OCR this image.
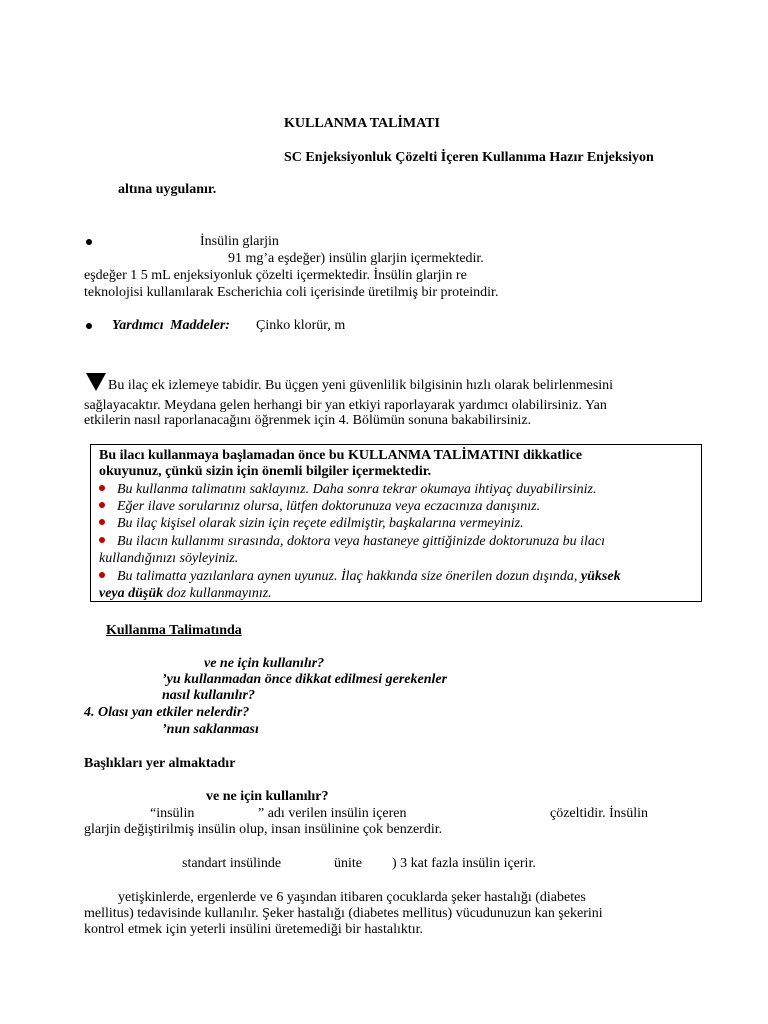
KULLANMA TALİMATI
SC Enjeksiyonluk Çözelti İçeren Kullanıma Hazır Enjeksiyon
altına uygulanır.
İnsülin glarjin
91 mg’a eşdeğer) insülin glarjin içermektedir.
eşdeğer 1 5 mL enjeksiyonluk çözelti içermektedir. İnsülin glarjin re
teknolojisi kullanılarak Escherichia coli içerisinde üretilmiş bir proteindir.
Yardımcı Maddeler: Çinko klorür, m
Bu ilaç ek izlemeye tabidir. Bu üçgen yeni güvenlilik bilgisinin hızlı olarak belirlenmesini
sağlayacaktır. Meydana gelen herhangi bir yan etkiyi raporlayarak yardımcı olabilirsiniz. Yan
etkilerin nasıl raporlanacağını öğrenmek için 4. Bölümün sonuna bakabilirsiniz.
Bu ilacı kullanmaya başlamadan önce bu KULLANMA TALİMATINI dikkatlice
okuyunuz, çünkü sizin için önemli bilgiler içermektedir.
Bu kullanma talimatını saklayınız. Daha sonra tekrar okumaya ihtiyaç duyabilirsiniz.
Eğer ilave sorularınız olursa, lütfen doktorunuza veya eczacınıza danışınız.
Bu ilaç kişisel olarak sizin için reçete edilmiştir, başkalarına vermeyiniz.
Bu ilacın kullanımı sırasında, doktora veya hastaneye gittiğinizde doktorunuza bu ilacı
kullandığınızı söyleyiniz.
Bu talimatta yazılanlara aynen uyunuz. İlaç hakkında size önerilen dozun dışında, yüksek
veya düşük doz kullanmayınız.
Kullanma Talimatında
ve ne için kullanılır?
’yu kullanmadan önce dikkat edilmesi gerekenler
nasıl kullanılır?
4. Olası yan etkiler nelerdir?
’nun saklanması
Başlıkları yer almaktadır
ve ne için kullanılır?
“insülin	” adı verilen insülin içeren	çözeltidir. İnsülin
glarjin değiştirilmiş insülin olup, insan insülinine çok benzerdir.
standart insülinde	ünite ) 3 kat fazla insülin içerir.
yetişkinlerde, ergenlerde ve 6 yaşından itibaren çocuklarda şeker hastalığı (diabetes
mellitus) tedavisinde kullanılır. Şeker hastalığı (diabetes mellitus) vücudunuzun kan şekerini
kontrol etmek için yeterli insülini üretemediği bir hastalıktır.
